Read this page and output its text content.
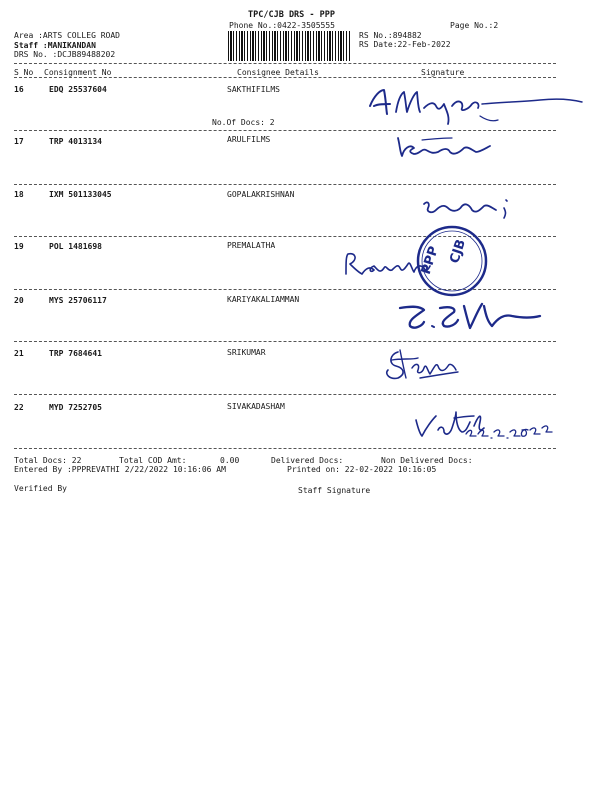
TPC/CJB DRS - PPP
Phone No.:0422-3505555	Page No.:2
Area :ARTS COLLEG ROAD
Staff :MANIKANDAN
DRS No. :DCJB89488202
RS No.:894882
RS Date:22-Feb-2022
S No Consignment No	Consignee Details	Signature
16	EDQ 25537604	SAKTHIFILMS
No.Of Docs: 2
17	TRP 4013134	ARULFILMS
18	IXM 501133045	GOPALAKRISHNAN
19	POL 1481698	PREMALATHA
20	MYS 25706117	KARIYAKALIAMMAN
21	TRP 7684641	SRIKUMAR
22	MYD 7252705	SIVAKADASHAM
Total Docs: 22	Total COD Amt:	0.00	Delivered Docs:	Non Delivered Docs:
Entered By :PPPREVATHI 2/22/2022 10:16:06 AM	Printed on: 22-02-2022 10:16:05
Verified By	Staff Signature
PPP CJB
